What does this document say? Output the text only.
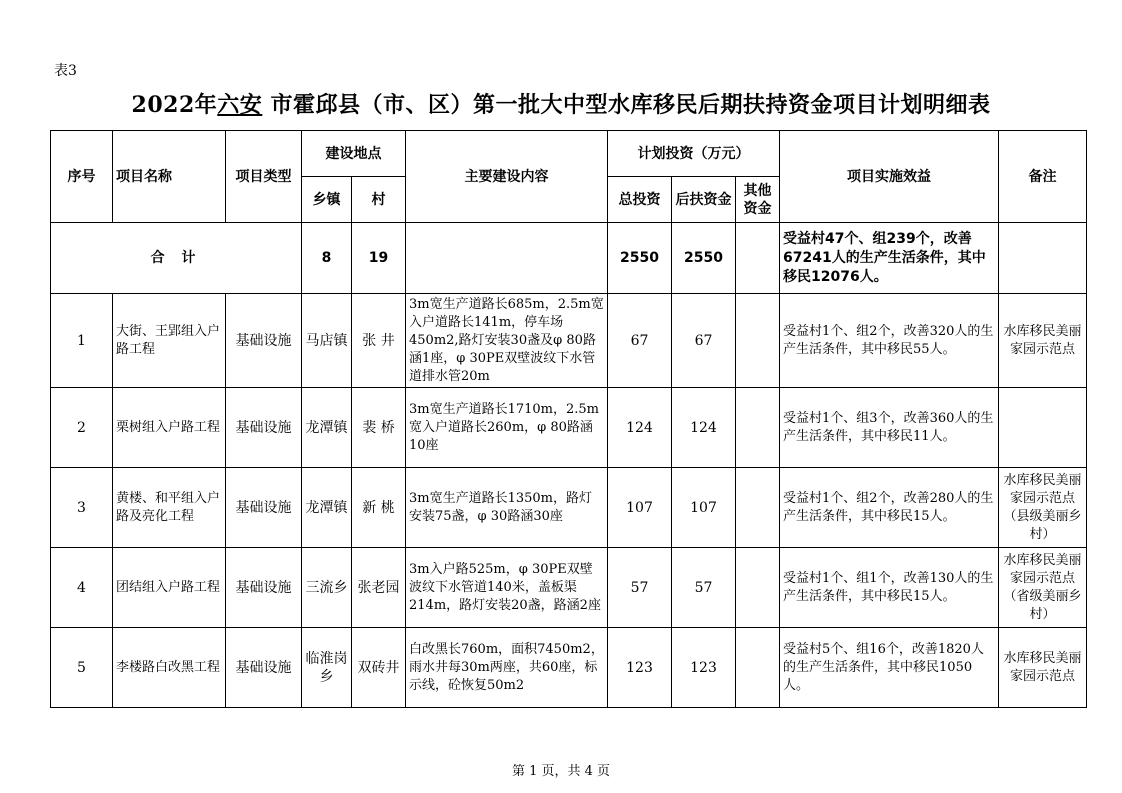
表3
2022年六安 市霍邱县（市、区）第一批大中型水库移民后期扶持资金项目计划明细表
序号	项目名称	项目类型	建设地点		主要建设内容	计划投资（万元）			项目实施效益	备注
			乡镇	村		总投资	后扶资金	其他资金		
合 计			8	19		2550	2550		受益村47个、组239个，改善67241人的生产生活条件，其中移民12076人。	
1	大街、王郢组入户路工程	基础设施	马店镇	张 井	3m宽生产道路长685m，2.5m宽入户道路长141m，停车场450m2,路灯安装30盏及φ 80路涵1座，φ 30PE双壁波纹下水管道排水管20m	67	67		受益村1个、组2个，改善320人的生产生活条件，其中移民55人。	水库移民美丽家园示范点
2	栗树组入户路工程	基础设施	龙潭镇	裴 桥	3m宽生产道路长1710m，2.5m宽入户道路长260m，φ 80路涵10座	124	124		受益村1个、组3个，改善360人的生产生活条件，其中移民11人。	
3	黄楼、和平组入户路及亮化工程	基础设施	龙潭镇	新 桃	3m宽生产道路长1350m，路灯安装75盏，φ 30路涵30座	107	107		受益村1个、组2个，改善280人的生产生活条件，其中移民15人。	水库移民美丽家园示范点（县级美丽乡村）
4	团结组入户路工程	基础设施	三流乡	张老园	3m入户路525m，φ 30PE双壁波纹下水管道140米，盖板渠214m，路灯安装20盏，路涵2座	57	57		受益村1个、组1个，改善130人的生产生活条件，其中移民15人。	水库移民美丽家园示范点（省级美丽乡村）
5	李楼路白改黑工程	基础设施	临淮岗乡	双砖井	白改黑长760m，面积7450m2，雨水井每30m两座，共60座，标示线，砼恢复50m2	123	123		受益村5个、组16个，改善1820人的生产生活条件，其中移民1050人。	水库移民美丽家园示范点
第 1 页，共 4 页
